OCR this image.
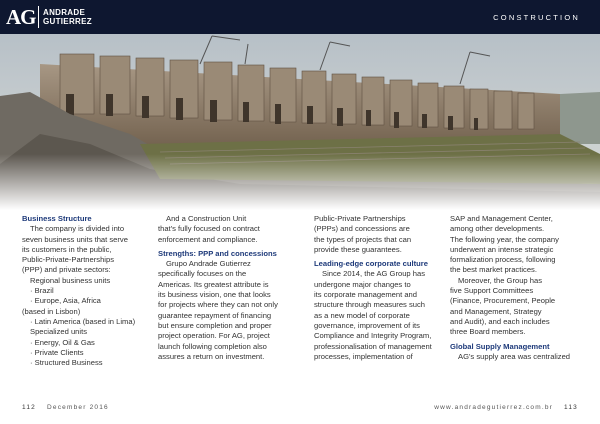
AG ANDRADE
GUTIERREZ	CONSTRUCTION
Business Structure
The company is divided into
seven business units that serve
its customers in the public,
Public-Private-Partnerships
(PPP) and private sectors:
Regional business units
· Brazil
· Europe, Asia, Africa
(based in Lisbon)
· Latin America (based in Lima)
Specialized units
· Energy, Oil & Gas
· Private Clients
· Structured Business
And a Construction Unit
that's fully focused on contract
enforcement and compliance.
Strengths: PPP and concessions
Grupo Andrade Gutierrez
specifically focuses on the
Americas. Its greatest attribute is
its business vision, one that looks
for projects where they can not only
guarantee repayment of financing
but ensure completion and proper
project operation. For AG, project
launch following completion also
assures a return on investment.
Public-Private Partnerships
(PPPs) and concessions are
the types of projects that can
provide these guarantees.
Leading-edge corporate culture
Since 2014, the AG Group has
undergone major changes to
its corporate management and
structure through measures such
as a new model of corporate
governance, improvement of its
Compliance and Integrity Program,
professionalisation of management
processes, implementation of
SAP and Management Center,
among other developments.
The following year, the company
underwent an intense strategic
formalization process, following
the best market practices.
Moreover, the Group has
five Support Committees
(Finance, Procurement, People
and Management, Strategy
and Audit), and each includes
three Board members.
Global Supply Management
AG's supply area was centralized
112 December 2016	www.andradegutierrez.com.br 113
